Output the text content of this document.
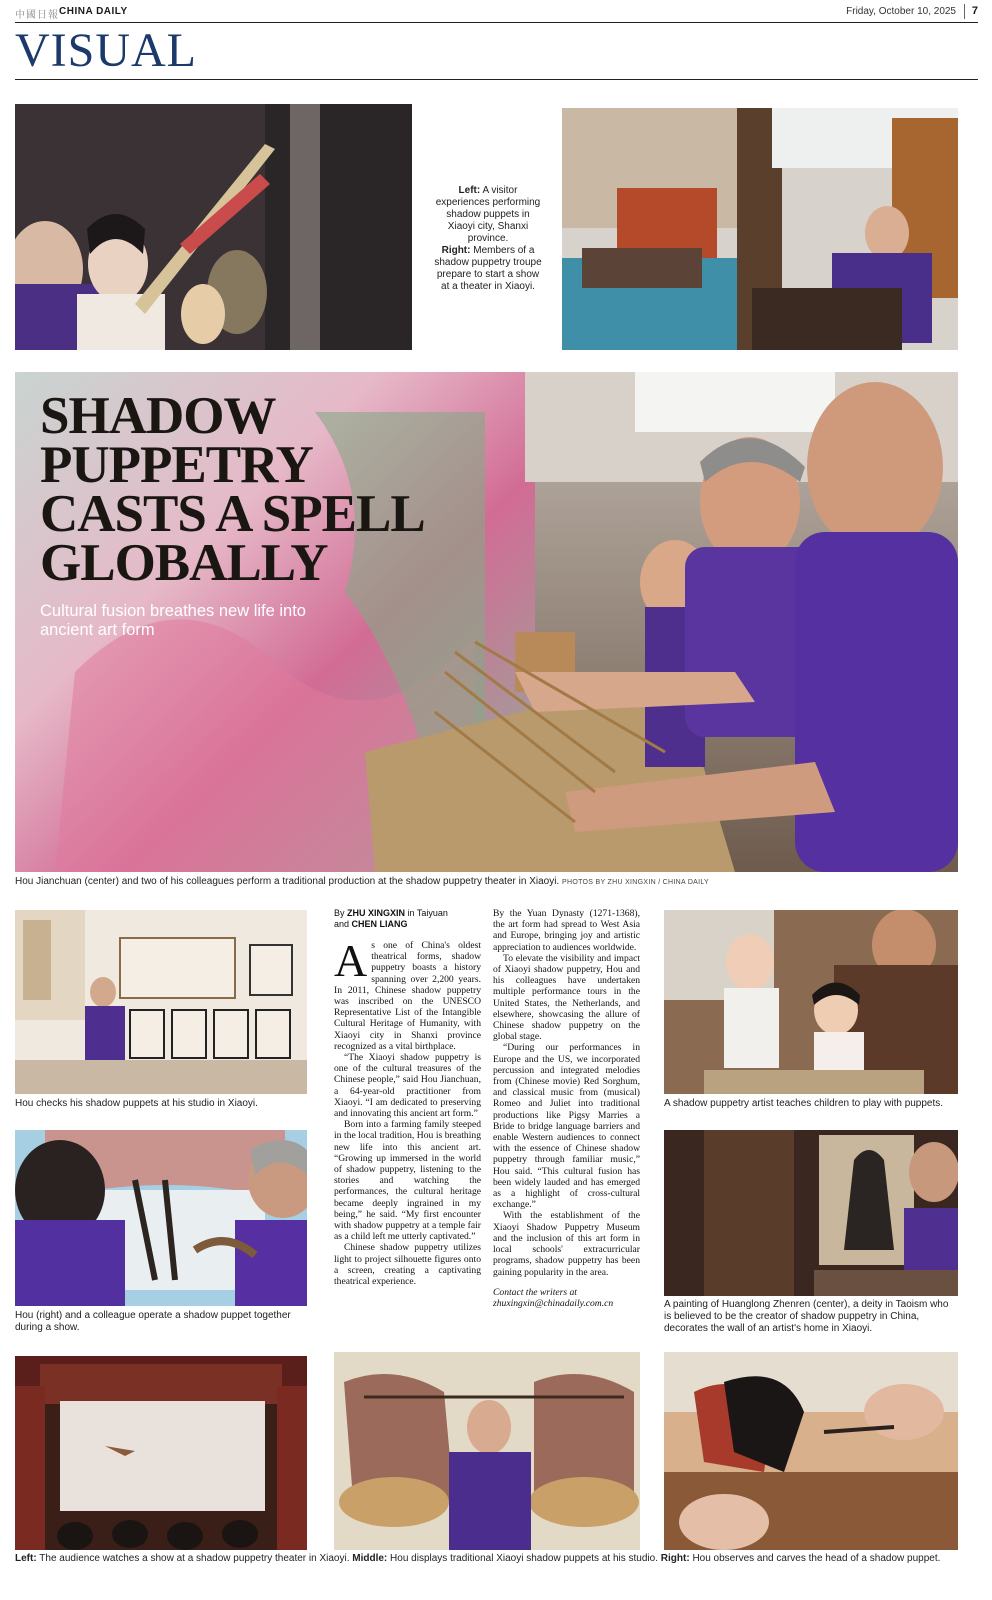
中國日報 CHINA DAILY	Friday, October 10, 2025 7
VISUAL
Left: A visitor experiences performing shadow puppets in Xiaoyi city, Shanxi province.
Right: Members of a shadow puppetry troupe prepare to start a show at a theater in Xiaoyi.
SHADOW
PUPPETRY
CASTS A SPELL
GLOBALLY
Cultural fusion breathes new life into ancient art form
Hou Jianchuan (center) and two of his colleagues perform a traditional production at the shadow puppetry theater in Xiaoyi. PHOTOS BY ZHU XINGXIN / CHINA DAILY
Hou checks his shadow puppets at his studio in Xiaoyi.
Hou (right) and a colleague operate a shadow puppet together during a show.
By ZHU XINGXIN in Taiyuan
and CHEN LIANG

As one of China's oldest theatrical forms, shadow puppetry boasts a history spanning over 2,200 years. In 2011, Chinese shadow puppetry was inscribed on the UNESCO Representative List of the Intangible Cultural Heritage of Humanity, with Xiaoyi city in Shanxi province recognized as a vital birthplace.

“The Xiaoyi shadow puppetry is one of the cultural treasures of the Chinese people,” said Hou Jianchuan, a 64-year-old practitioner from Xiaoyi. “I am dedicated to preserving and innovating this ancient art form.”

Born into a farming family steeped in the local tradition, Hou is breathing new life into this ancient art. “Growing up immersed in the world of shadow puppetry, listening to the stories and watching the performances, the cultural heritage became deeply ingrained in my being,” he said. “My first encounter with shadow puppetry at a temple fair as a child left me utterly captivated.”

Chinese shadow puppetry utilizes light to project silhouette figures onto a screen, creating a captivating theatrical experience.

By the Yuan Dynasty (1271-1368), the art form had spread to West Asia and Europe, bringing joy and artistic appreciation to audiences worldwide.

To elevate the visibility and impact of Xiaoyi shadow puppetry, Hou and his colleagues have undertaken multiple performance tours in the United States, the Netherlands, and elsewhere, showcasing the allure of Chinese shadow puppetry on the global stage.

“During our performances in Europe and the US, we incorporated percussion and integrated melodies from (Chinese movie) Red Sorghum, and classical music from (musical) Romeo and Juliet into traditional productions like Pigsy Marries a Bride to bridge language barriers and enable Western audiences to connect with the essence of Chinese shadow puppetry through familiar music,” Hou said. “This cultural fusion has been widely lauded and has emerged as a highlight of cross-cultural exchange.”

With the establishment of the Xiaoyi Shadow Puppetry Museum and the inclusion of this art form in local schools' extracurricular programs, shadow puppetry has been gaining popularity in the area.

Contact the writers at
zhuxingxin@chinadaily.com.cn

A shadow puppetry artist teaches children to play with puppets.
A painting of Huanglong Zhenren (center), a deity in Taoism who is believed to be the creator of shadow puppetry in China, decorates the wall of an artist's home in Xiaoyi.
Left: The audience watches a show at a shadow puppetry theater in Xiaoyi. Middle: Hou displays traditional Xiaoyi shadow puppets at his studio. Right: Hou observes and carves the head of a shadow puppet.
